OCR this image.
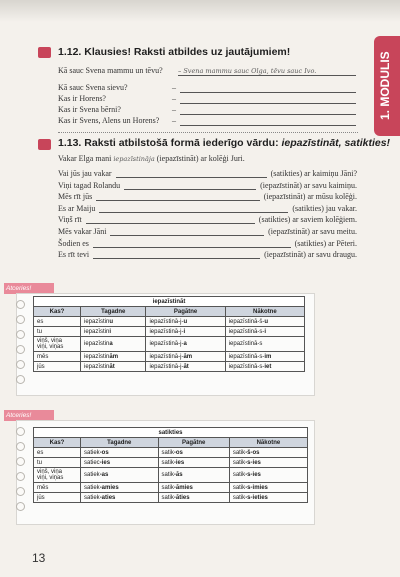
1. MODULIS
1.12. Klausies! Raksti atbildes uz jautājumiem!
Kā sauc Svena mammu un tēvu? – Svena mammu sauc Olga, tēvu sauc Ivo.
Kā sauc Svena sievu?	–
Kas ir Horens?	–
Kas ir Svena bērni?	–
Kas ir Svens, Alens un Horens? –
1.13. Raksti atbilstošā formā iederīgo vārdu: iepazīstināt, satikties!
Vakar Elga mani iepazīstināja (iepazīstināt) ar kolēģi Juri.
Vai jūs jau vakar	(satikties) ar kaimiņu Jāni?
Viņi tagad Rolandu	(iepazīstināt) ar savu kaimiņu.
Mēs rīt jūs	(iepazīstināt) ar mūsu kolēģi.
Es ar Maiju	(satikties) jau vakar.
Viņš rīt	(satikties) ar saviem kolēģiem.
Mēs vakar Jāni	(iepazīstināt) ar savu meitu.
Šodien es	(satikties) ar Pēteri.
Es rīt tevi	(iepazīstināt) ar savu draugu.
Atceries!
iepazīstināt			
Kas?	Tagadne	Pagātne	Nākotne
es	iepazīstinu	iepazīstinā-j-u	iepazīstinā-š-u
tu	iepazīstini	iepazīstinā-j-i	iepazīstinā-s-i
viņš, viņa
viņi, viņas	iepazīstina	iepazīstinā-j-a	iepazīstinā-s
mēs	iepazīstinām	iepazīstinā-j-ām	iepazīstinā-s-im
jūs	iepazīstināt	iepazīstinā-j-āt	iepazīstinā-s-iet
Atceries!
satikties			
Kas?	Tagadne	Pagātne	Nākotne
es	satiek-os	satik-os	satik-š-os
tu	satiec-ies	satik-ies	satik-s-ies
viņš, viņa
viņi, viņas	satiek-as	satik-ās	satik-s-ies
mēs	satiek-amies	satik-āmies	satik-s-imies
jūs	satiek-aties	satik-āties	satik-s-ieties
13
